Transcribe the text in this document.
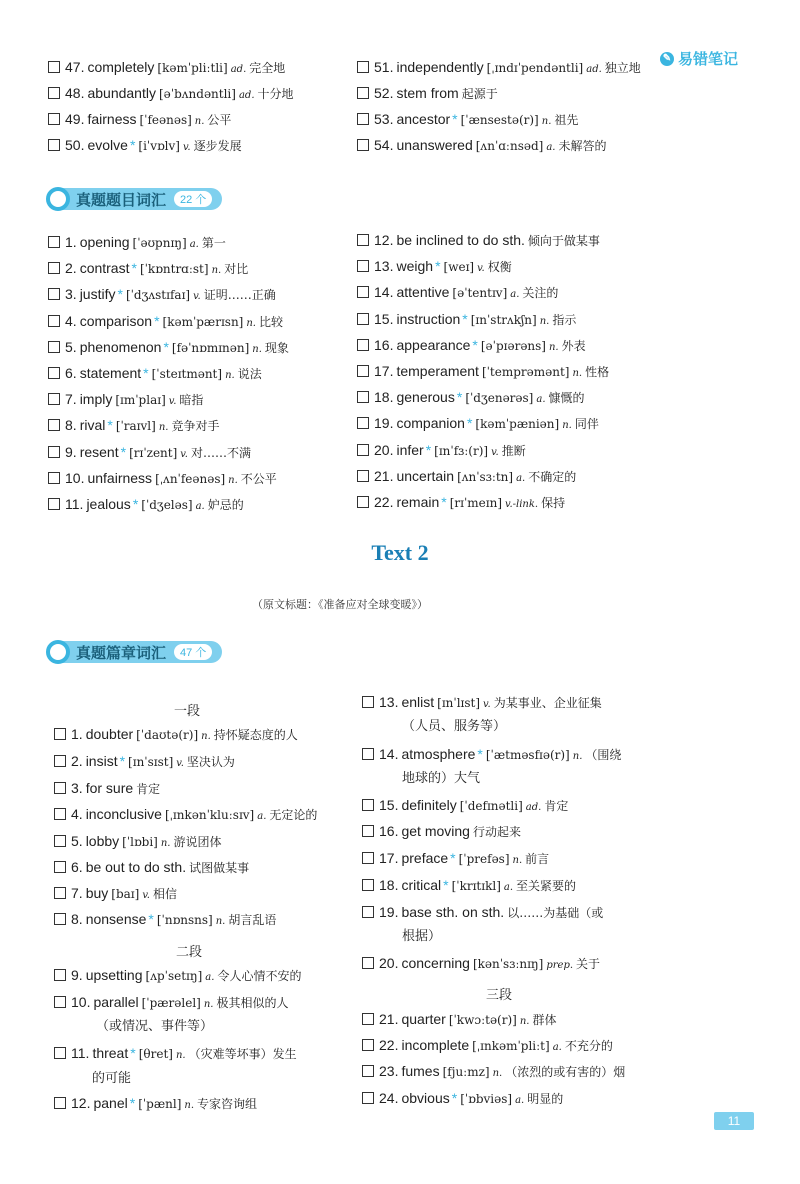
✎ 易错笔记
47. completely [kəmˈpliːtli] ad. 完全地
48. abundantly [əˈbʌndəntli] ad. 十分地
49. fairness [ˈfeənəs] n. 公平
50. evolve * [iˈvɒlv] v. 逐步发展
51. independently [ˌɪndɪˈpendəntli] ad. 独立地
52. stem from 起源于
53. ancestor * [ˈænsestə(r)] n. 祖先
54. unanswered [ʌnˈɑːnsəd] a. 未解答的
1. opening [ˈəʊpnɪŋ] a. 第一
2. contrast * [ˈkɒntrɑːst] n. 对比
3. justify * [ˈdʒʌstɪfaɪ] v. 证明……正确
4. comparison * [kəmˈpærɪsn] n. 比较
5. phenomenon * [fəˈnɒmɪnən] n. 现象
6. statement * [ˈsteɪtmənt] n. 说法
7. imply [ɪmˈplaɪ] v. 暗指
8. rival * [ˈraɪvl] n. 竞争对手
9. resent * [rɪˈzent] v. 对……不满
10. unfairness [ˌʌnˈfeənəs] n. 不公平
11. jealous * [ˈdʒeləs] a. 妒忌的
12. be inclined to do sth. 倾向于做某事
13. weigh * [weɪ] v. 权衡
14. attentive [əˈtentɪv] a. 关注的
15. instruction * [ɪnˈstrʌkʃn] n. 指示
16. appearance * [əˈpɪərəns] n. 外表
17. temperament [ˈtemprəmənt] n. 性格
18. generous * [ˈdʒenərəs] a. 慷慨的
19. companion * [kəmˈpæniən] n. 同伴
20. infer * [ɪnˈfɜː(r)] v. 推断
21. uncertain [ʌnˈsɜːtn] a. 不确定的
22. remain * [rɪˈmeɪn] v.-link. 保持
1. doubter [ˈdaʊtə(r)] n. 持怀疑态度的人
2. insist * [ɪnˈsɪst] v. 坚决认为
3. for sure 肯定
4. inconclusive [ˌɪnkənˈkluːsɪv] a. 无定论的
5. lobby [ˈlɒbi] n. 游说团体
6. be out to do sth. 试图做某事
7. buy [baɪ] v. 相信
8. nonsense * [ˈnɒnsns] n. 胡言乱语
9. upsetting [ʌpˈsetɪŋ] a. 令人心情不安的
10. parallel [ˈpærəlel] n. 极其相似的人
11. threat * [θret] n. （灾难等坏事）发生
12. panel * [ˈpænl] n. 专家咨询组
13. enlist [ɪnˈlɪst] v. 为某事业、企业征集
14. atmosphere * [ˈætməsfɪə(r)] n. （围绕
15. definitely [ˈdefɪnətli] ad. 肯定
16. get moving 行动起来
17. preface * [ˈprefəs] n. 前言
18. critical * [ˈkrɪtɪkl] a. 至关紧要的
19. base sth. on sth. 以……为基础（或
20. concerning [kənˈsɜːnɪŋ] prep. 关于
21. quarter [ˈkwɔːtə(r)] n. 群体
22. incomplete [ˌɪnkəmˈpliːt] a. 不充分的
23. fumes [fjuːmz] n. （浓烈的或有害的）烟
24. obvious * [ˈɒbviəs] a. 明显的
真题题目词汇	22 个
Text 2
（原文标题：《准备应对全球变暖》）
真题篇章词汇	47 个
一段
二段
三段
（或情况、事件等）
的可能
（人员、服务等）
地球的）大气
根据）
11
